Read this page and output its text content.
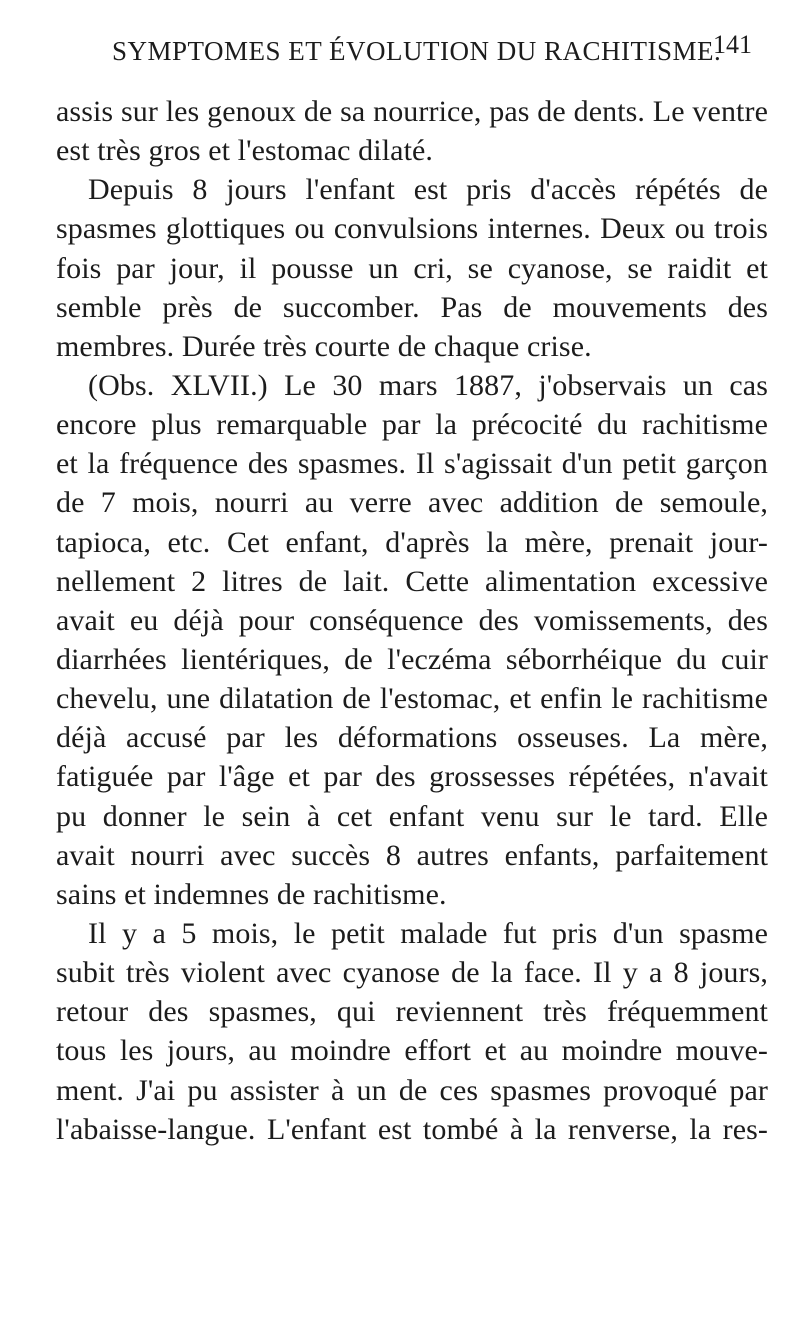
SYMPTOMES ET ÉVOLUTION DU RACHITISME.
141
assis sur les genoux de sa nourrice, pas de dents. Le ventre
est très gros et l'estomac dilaté.
Depuis 8 jours l'enfant est pris d'accès répétés de
spasmes glottiques ou convulsions internes. Deux ou trois
fois par jour, il pousse un cri, se cyanose, se raidit et
semble près de succomber. Pas de mouvements des
membres. Durée très courte de chaque crise.
(Obs. XLVII.) Le 30 mars 1887, j'observais un cas
encore plus remarquable par la précocité du rachitisme
et la fréquence des spasmes. Il s'agissait d'un petit garçon
de 7 mois, nourri au verre avec addition de semoule,
tapioca, etc. Cet enfant, d'après la mère, prenait jour-
nellement 2 litres de lait. Cette alimentation excessive
avait eu déjà pour conséquence des vomissements, des
diarrhées lientériques, de l'eczéma séborrhéique du cuir
chevelu, une dilatation de l'estomac, et enfin le rachitisme
déjà accusé par les déformations osseuses. La mère,
fatiguée par l'âge et par des grossesses répétées, n'avait
pu donner le sein à cet enfant venu sur le tard. Elle
avait nourri avec succès 8 autres enfants, parfaitement
sains et indemnes de rachitisme.
Il y a 5 mois, le petit malade fut pris d'un spasme
subit très violent avec cyanose de la face. Il y a 8 jours,
retour des spasmes, qui reviennent très fréquemment
tous les jours, au moindre effort et au moindre mouve-
ment. J'ai pu assister à un de ces spasmes provoqué par
l'abaisse-langue. L'enfant est tombé à la renverse, la res-
